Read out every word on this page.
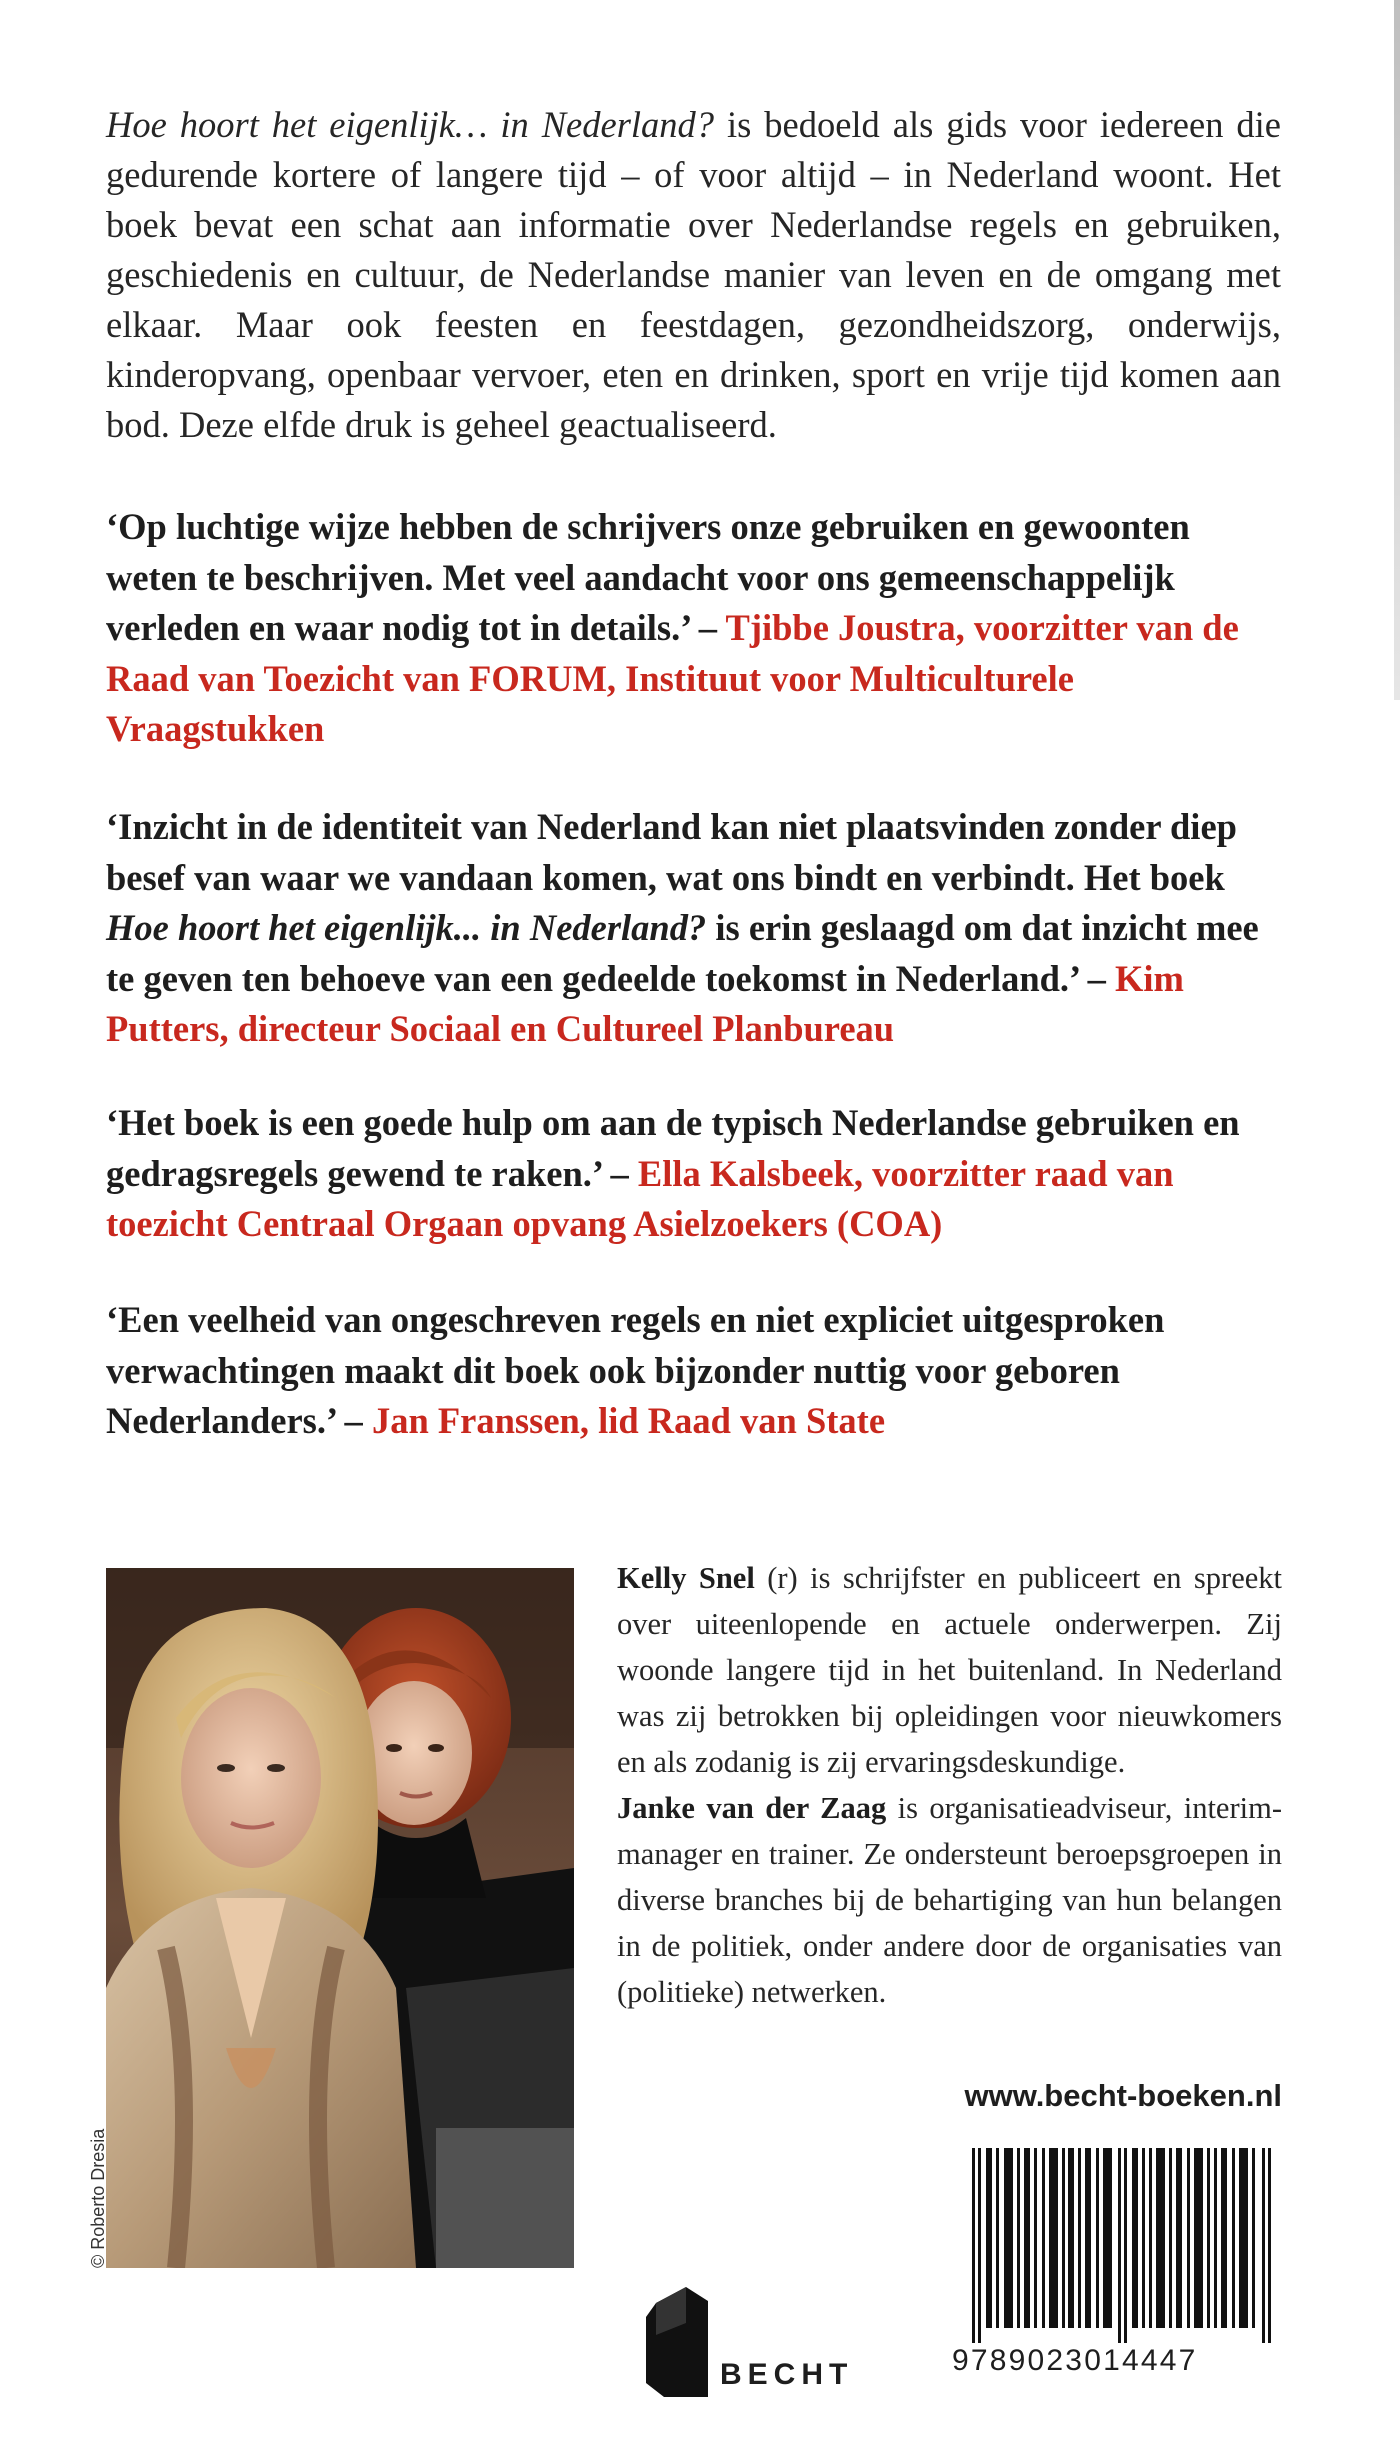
Hoe hoort het eigenlijk… in Nederland? is bedoeld als gids voor iedereen die gedurende kortere of langere tijd – of voor altijd – in Nederland woont. Het boek bevat een schat aan informatie over Nederlandse regels en gebruiken, geschiedenis en cultuur, de Nederlandse manier van leven en de omgang met elkaar. Maar ook feesten en feestdagen, gezondheidszorg, onderwijs, kinderopvang, openbaar vervoer, eten en drinken, sport en vrije tijd komen aan bod. Deze elfde druk is geheel geactualiseerd.

‘Op luchtige wijze hebben de schrijvers onze gebruiken en gewoonten weten te beschrijven. Met veel aandacht voor ons gemeenschappelijk verleden en waar nodig tot in details.’ – Tjibbe Joustra, voorzitter van de Raad van Toezicht van FORUM, Instituut voor Multiculturele Vraagstukken

‘Inzicht in de identiteit van Nederland kan niet plaatsvinden zonder diep besef van waar we vandaan komen, wat ons bindt en verbindt. Het boek Hoe hoort het eigenlijk... in Nederland? is erin geslaagd om dat inzicht mee te geven ten behoeve van een gedeelde toekomst in Nederland.’ – Kim Putters, directeur Sociaal en Cultureel Planbureau

‘Het boek is een goede hulp om aan de typisch Nederlandse gebruiken en gedragsregels gewend te raken.’ – Ella Kalsbeek, voorzitter raad van toezicht Centraal Orgaan opvang Asielzoekers (COA)

‘Een veelheid van ongeschreven regels en niet expliciet uitgesproken verwachtingen maakt dit boek ook bijzonder nuttig voor geboren Nederlanders.’ – Jan Franssen, lid Raad van State

© Roberto Dresia

Kelly Snel (r) is schrijfster en publiceert en spreekt over uiteenlopende en actuele onderwerpen. Zij woonde langere tijd in het buitenland. In Nederland was zij betrokken bij opleidingen voor nieuwkomers en als zodanig is zij ervaringsdeskundige.
Janke van der Zaag is organisatieadviseur, interimmanager en trainer. Ze ondersteunt beroepsgroepen in diverse branches bij de behartiging van hun belangen in de politiek, onder andere door de organisaties van (politieke) netwerken.

www.becht-boeken.nl
BECHT	9789023014447
